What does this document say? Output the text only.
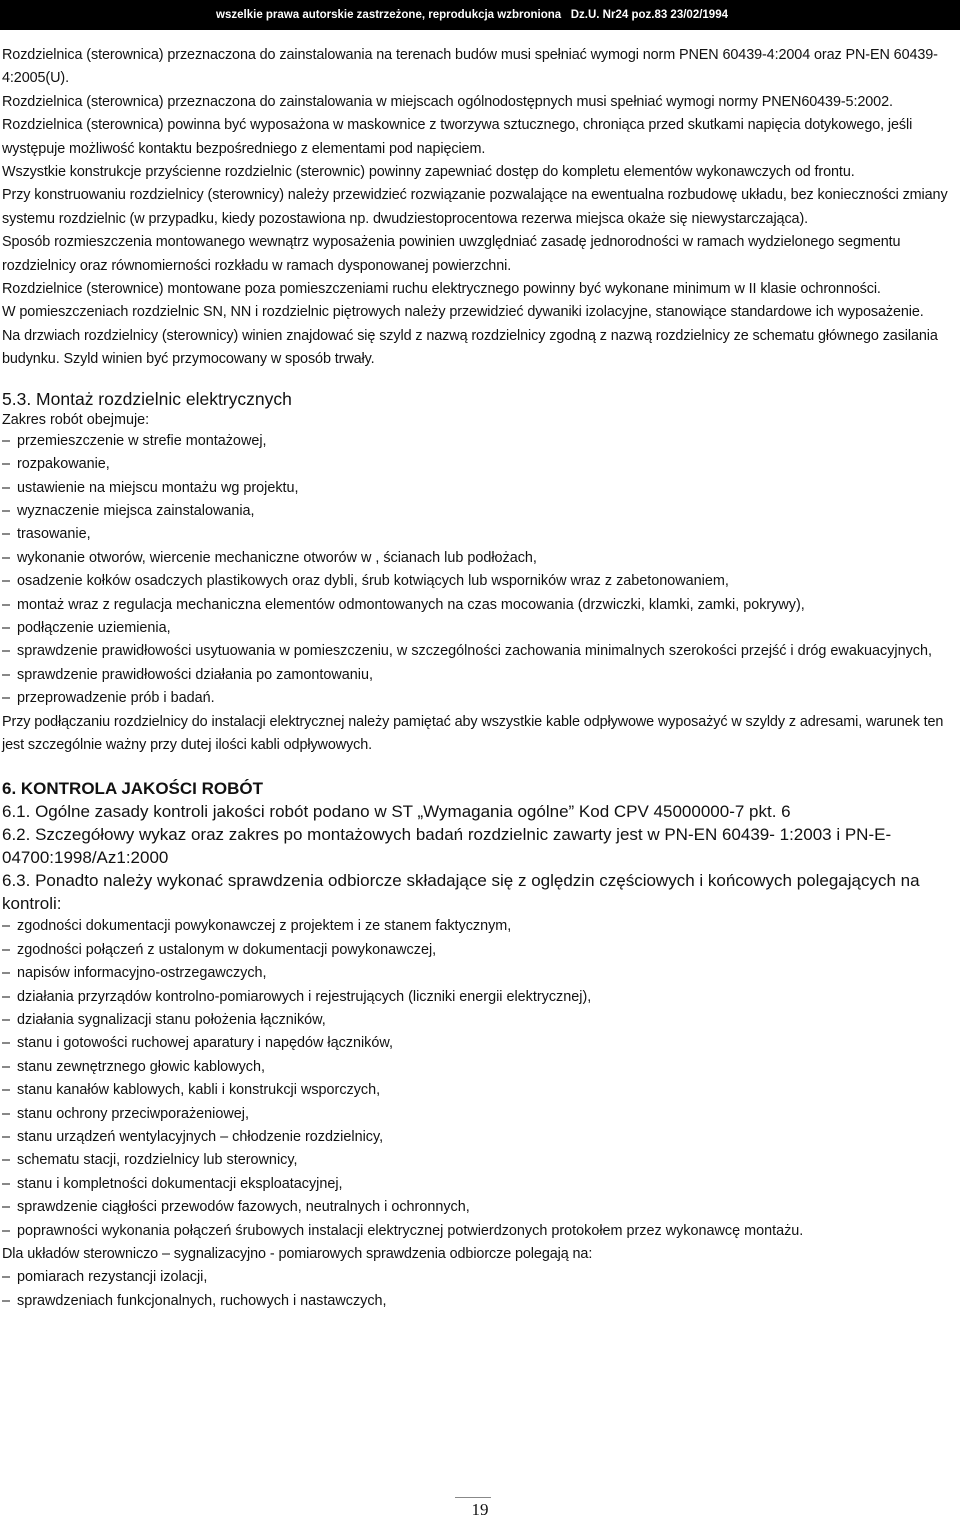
wszelkie prawa autorskie zastrzeżone, reprodukcja wzbroniona   Dz.U. Nr24 poz.83 23/02/1994

Rozdzielnica (sterownica) przeznaczona do zainstalowania na terenach budów musi spełniać wymogi norm PNEN 60439-4:2004 oraz PN-EN 60439-4:2005(U).

Rozdzielnica (sterownica) przeznaczona do zainstalowania w miejscach ogólnodostępnych musi spełniać wymogi normy PNEN60439-5:2002.

Rozdzielnica (sterownica) powinna być wyposażona w maskownice z tworzywa sztucznego, chroniąca przed skutkami napięcia dotykowego, jeśli występuje możliwość kontaktu bezpośredniego z elementami pod napięciem.

Wszystkie konstrukcje przyścienne rozdzielnic (sterownic) powinny zapewniać dostęp do kompletu elementów wykonawczych od frontu.

Przy konstruowaniu rozdzielnicy (sterownicy) należy przewidzieć rozwiązanie pozwalające na ewentualna rozbudowę układu, bez konieczności zmiany systemu rozdzielnic (w przypadku, kiedy pozostawiona np. dwudziestoprocentowa rezerwa miejsca okaże się niewystarczająca).

Sposób rozmieszczenia montowanego wewnątrz wyposażenia powinien uwzględniać zasadę jednorodności w ramach wydzielonego segmentu rozdzielnicy oraz równomierności rozkładu w ramach dysponowanej powierzchni.

Rozdzielnice (sterownice) montowane poza pomieszczeniami ruchu elektrycznego powinny być wykonane minimum w II klasie ochronności.

W pomieszczeniach rozdzielnic SN, NN i rozdzielnic piętrowych należy przewidzieć dywaniki izolacyjne, stanowiące standardowe ich wyposażenie.

Na drzwiach rozdzielnicy (sterownicy) winien znajdować się szyld z nazwą rozdzielnicy zgodną z nazwą rozdzielnicy ze schematu głównego zasilania budynku. Szyld winien być przymocowany w sposób trwały.

5.3. Montaż rozdzielnic elektrycznych

Zakres robót obejmuje:

– przemieszczenie w strefie montażowej,
– rozpakowanie,
– ustawienie na miejscu montażu wg projektu,
– wyznaczenie miejsca zainstalowania,
– trasowanie,
– wykonanie otworów, wiercenie mechaniczne otworów w , ścianach lub podłożach,
– osadzenie kołków osadczych plastikowych oraz dybli, śrub kotwiących lub wsporników wraz z zabetonowaniem,
– montaż wraz z regulacja mechaniczna elementów odmontowanych na czas mocowania (drzwiczki, klamki, zamki, pokrywy),
– podłączenie uziemienia,
– sprawdzenie prawidłowości usytuowania w pomieszczeniu, w szczególności zachowania minimalnych szerokości przejść i dróg ewakuacyjnych,
– sprawdzenie prawidłowości działania po zamontowaniu,
– przeprowadzenie prób i badań.

Przy podłączaniu rozdzielnicy do instalacji elektrycznej należy pamiętać aby wszystkie kable odpływowe wyposażyć w szyldy z adresami, warunek ten jest szczególnie ważny przy dutej ilości kabli odpływowych.

6. KONTROLA JAKOŚCI ROBÓT

6.1. Ogólne zasady kontroli jakości robót podano w ST „Wymagania ogólne” Kod CPV 45000000-7 pkt. 6

6.2. Szczegółowy wykaz oraz zakres po montażowych badań rozdzielnic zawarty jest w PN-EN 60439- 1:2003 i PN-E-04700:1998/Az1:2000

6.3. Ponadto należy wykonać sprawdzenia odbiorcze składające się z oględzin częściowych i końcowych polegających na kontroli:

– zgodności dokumentacji powykonawczej z projektem i ze stanem faktycznym,
– zgodności połączeń z ustalonym w dokumentacji powykonawczej,
– napisów informacyjno-ostrzegawczych,
– działania przyrządów kontrolno-pomiarowych i rejestrujących (liczniki energii elektrycznej),
– działania sygnalizacji stanu położenia łączników,
– stanu i gotowości ruchowej aparatury i napędów łączników,
– stanu zewnętrznego głowic kablowych,
– stanu kanałów kablowych, kabli i konstrukcji wsporczych,
– stanu ochrony przeciwporażeniowej,
– stanu urządzeń wentylacyjnych – chłodzenie rozdzielnicy,
– schematu stacji, rozdzielnicy lub sterownicy,
– stanu i kompletności dokumentacji eksploatacyjnej,
– sprawdzenie ciągłości przewodów fazowych, neutralnych i ochronnych,
– poprawności wykonania połączeń śrubowych instalacji elektrycznej potwierdzonych protokołem przez wykonawcę montażu.

Dla układów sterowniczo – sygnalizacyjno - pomiarowych sprawdzenia odbiorcze polegają na:

– pomiarach rezystancji izolacji,
– sprawdzeniach funkcjonalnych, ruchowych i nastawczych,
19
